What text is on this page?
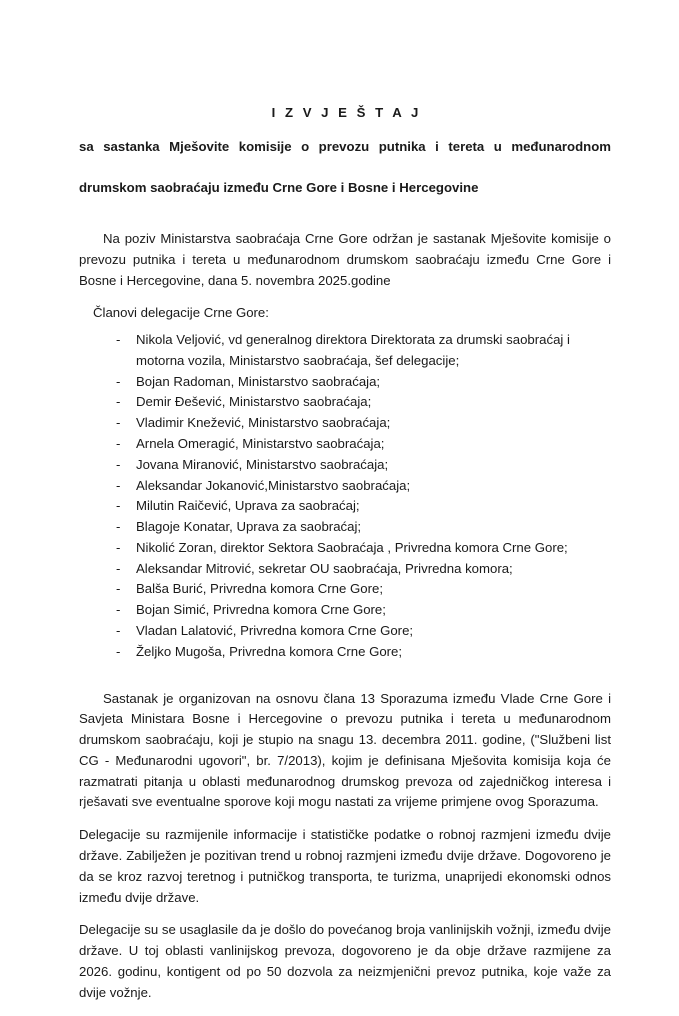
I Z V J E Š T A J
sa sastanka Mješovite komisije o prevozu putnika i tereta u međunarodnom
drumskom saobraćaju između Crne Gore i Bosne i Hercegovine

Na poziv Ministarstva saobraćaja Crne Gore održan je sastanak Mješovite komisije o prevozu putnika i tereta u međunarodnom drumskom saobraćaju između Crne Gore i Bosne i Hercegovine, dana 5. novembra 2025.godine

Članovi delegacije Crne Gore:

- Nikola Veljović, vd generalnog direktora Direktorata za drumski saobraćaj i motorna vozila, Ministarstvo saobraćaja, šef delegacije;
- Bojan Radoman, Ministarstvo saobraćaja;
- Demir Đešević, Ministarstvo saobraćaja;
- Vladimir Knežević, Ministarstvo saobraćaja;
- Arnela Omeragić, Ministarstvo saobraćaja;
- Jovana Miranović, Ministarstvo saobraćaja;
- Aleksandar Jokanović,Ministarstvo saobraćaja;
- Milutin Raičević, Uprava za saobraćaj;
- Blagoje Konatar, Uprava za saobraćaj;
- Nikolić Zoran, direktor Sektora Saobraćaja , Privredna komora Crne Gore;
- Aleksandar Mitrović, sekretar OU saobraćaja, Privredna komora;
- Balša Burić, Privredna komora Crne Gore;
- Bojan Simić, Privredna komora Crne Gore;
- Vladan Lalatović, Privredna komora Crne Gore;
- Željko Mugoša, Privredna komora Crne Gore;

Sastanak je organizovan na osnovu člana 13 Sporazuma između Vlade Crne Gore i Savjeta Ministara Bosne i Hercegovine o prevozu putnika i tereta u međunarodnom drumskom saobraćaju, koji je stupio na snagu 13. decembra 2011. godine, ("Službeni list CG - Međunarodni ugovori", br. 7/2013), kojim je definisana Mješovita komisija koja će razmatrati pitanja u oblasti međunarodnog drumskog prevoza od zajedničkog interesa i rješavati sve eventualne sporove koji mogu nastati za vrijeme primjene ovog Sporazuma.

Delegacije su razmijenile informacije i statističke podatke o robnoj razmjeni između dvije države. Zabilježen je pozitivan trend u robnoj razmjeni između dvije države. Dogovoreno je da se kroz razvoj teretnog i putničkog transporta, te turizma, unaprijedi ekonomski odnos između dvije države.

Delegacije su se usaglasile da je došlo do povećanog broja vanlinijskih vožnji, između dvije države. U toj oblasti vanlinijskog prevoza, dogovoreno je da obje države razmijene za 2026. godinu, kontigent od po 50 dozvola za neizmjenični prevoz putnika, koje važe za dvije vožnje.
